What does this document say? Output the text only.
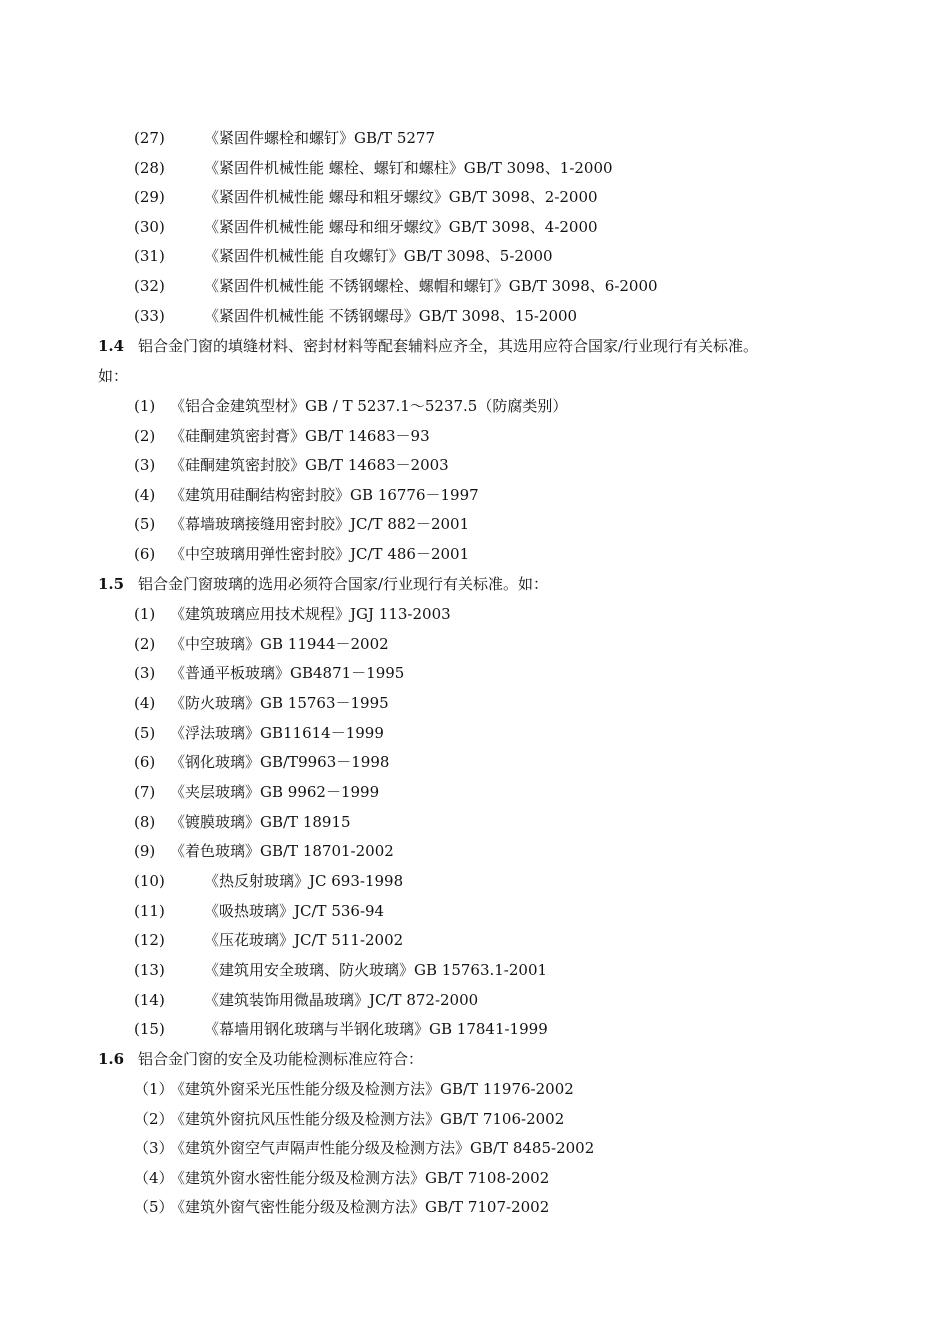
(27)	《紧固件螺栓和螺钉》GB/T 5277
(28)	《紧固件机械性能 螺栓、螺钉和螺柱》GB/T 3098、1-2000
(29)	《紧固件机械性能 螺母和粗牙螺纹》GB/T 3098、2-2000
(30)	《紧固件机械性能 螺母和细牙螺纹》GB/T 3098、4-2000
(31)	《紧固件机械性能 自攻螺钉》GB/T 3098、5-2000
(32)	《紧固件机械性能 不锈钢螺栓、螺帽和螺钉》GB/T 3098、6-2000
(33)	《紧固件机械性能 不锈钢螺母》GB/T 3098、15-2000
1.4 铝合金门窗的填缝材料、密封材料等配套辅料应齐全，其选用应符合国家/行业现行有关标准。
如：
(1) 《铝合金建筑型材》GB / T 5237.1～5237.5（防腐类别）
(2) 《硅酮建筑密封膏》GB/T 14683－93
(3) 《硅酮建筑密封胶》GB/T 14683－2003
(4) 《建筑用硅酮结构密封胶》GB 16776－1997
(5) 《幕墙玻璃接缝用密封胶》JC/T 882－2001
(6) 《中空玻璃用弹性密封胶》JC/T 486－2001
1.5 铝合金门窗玻璃的选用必须符合国家/行业现行有关标准。如：
(1) 《建筑玻璃应用技术规程》JGJ 113-2003
(2) 《中空玻璃》GB 11944－2002
(3) 《普通平板玻璃》GB4871－1995
(4) 《防火玻璃》GB 15763－1995
(5) 《浮法玻璃》GB11614－1999
(6) 《钢化玻璃》GB/T9963－1998
(7) 《夹层玻璃》GB 9962－1999
(8) 《镀膜玻璃》GB/T 18915
(9) 《着色玻璃》GB/T 18701-2002
(10)	《热反射玻璃》JC 693-1998
(11)	《吸热玻璃》JC/T 536-94
(12)	《压花玻璃》JC/T 511-2002
(13)	《建筑用安全玻璃、防火玻璃》GB 15763.1-2001
(14)	《建筑装饰用微晶玻璃》JC/T 872-2000
(15)	《幕墙用钢化玻璃与半钢化玻璃》GB 17841-1999
1.6 铝合金门窗的安全及功能检测标准应符合：
（1）《建筑外窗采光压性能分级及检测方法》GB/T 11976-2002
（2）《建筑外窗抗风压性能分级及检测方法》GB/T 7106-2002
（3）《建筑外窗空气声隔声性能分级及检测方法》GB/T 8485-2002
（4）《建筑外窗水密性能分级及检测方法》GB/T 7108-2002
（5）《建筑外窗气密性能分级及检测方法》GB/T 7107-2002
